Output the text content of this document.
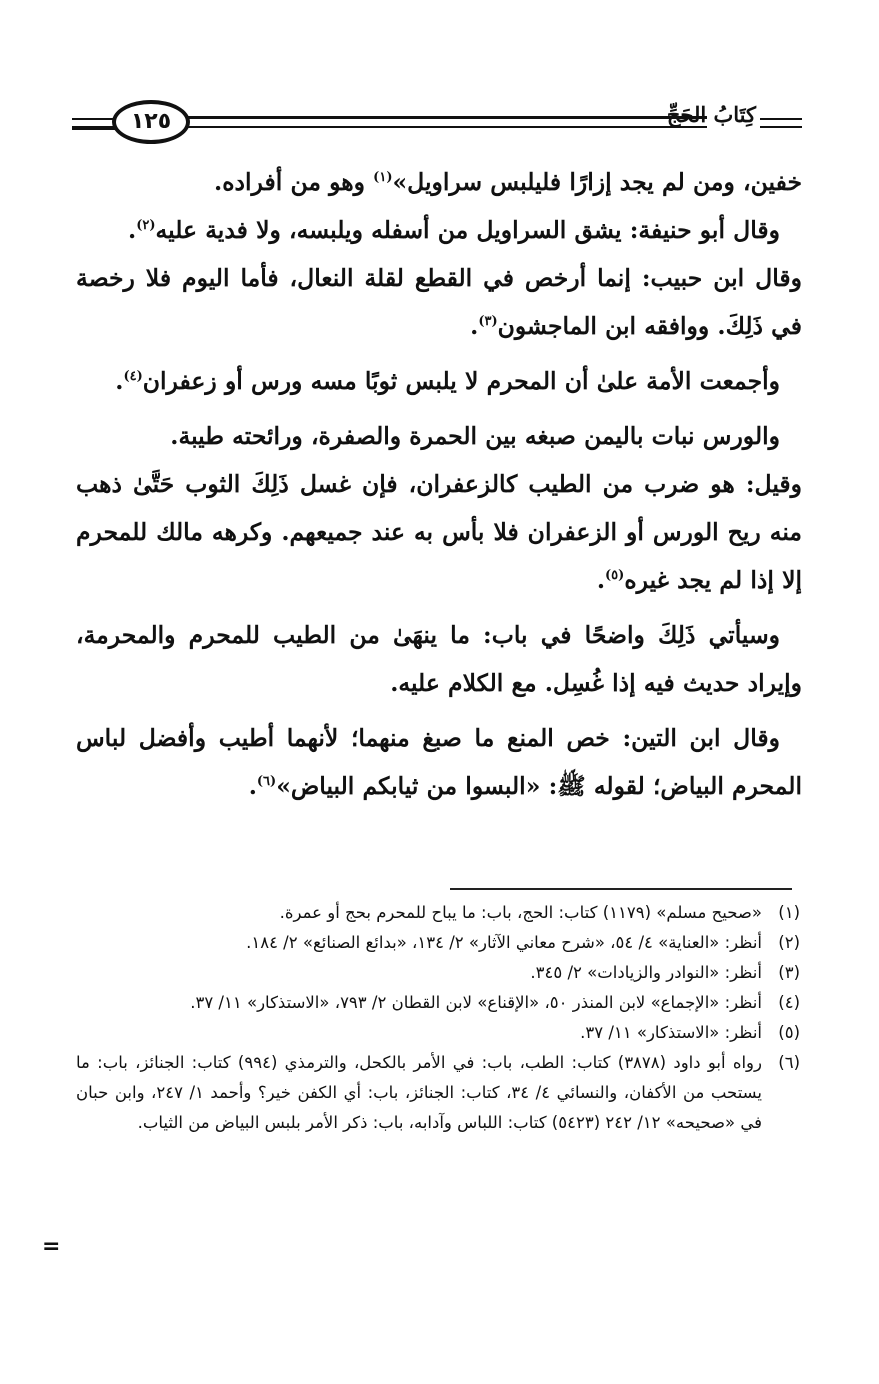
١٢٥	كِتَابُ الحَجِّ

خفين، ومن لم يجد إزارًا فليلبس سراويل»$^{(١)}$ وهو من أفراده.

وقال أبو حنيفة: يشق السراويل من أسفله ويلبسه، ولا فدية عليه$^{(٢)}$.

وقال ابن حبيب: إنما أرخص في القطع لقلة النعال، فأما اليوم فلا رخصة في ذَلِكَ. ووافقه ابن الماجشون$^{(٣)}$.

وأجمعت الأمة علىٰ أن المحرم لا يلبس ثوبًا مسه ورس أو زعفران$^{(٤)}$.

والورس نبات باليمن صبغه بين الحمرة والصفرة، ورائحته طيبة.

وقيل: هو ضرب من الطيب كالزعفران، فإن غسل ذَلِكَ الثوب حَتَّىٰ ذهب منه ريح الورس أو الزعفران فلا بأس به عند جميعهم. وكرهه مالك للمحرم إلا إذا لم يجد غيره$^{(٥)}$.

وسيأتي ذَلِكَ واضحًا في باب: ما ينهَىٰ من الطيب للمحرم والمحرمة، وإيراد حديث فيه إذا غُسِل. مع الكلام عليه.

وقال ابن التين: خص المنع ما صبغ منهما؛ لأنهما أطيب وأفضل لباس المحرم البياض؛ لقوله ﷺ: «البسوا من ثيابكم البياض»$^{(٦)}$.

(١)
«صحيح مسلم» (١١٧٩) كتاب: الحج، باب: ما يباح للمحرم بحج أو عمرة.
(٢)
أنظر: «العناية» ٤/ ٥٤، «شرح معاني الآثار» ٢/ ١٣٤، «بدائع الصنائع» ٢/ ١٨٤.
(٣)
أنظر: «النوادر والزيادات» ٢/ ٣٤٥.
(٤)
أنظر: «الإجماع» لابن المنذر ٥٠، «الإقناع» لابن القطان ٢/ ٧٩٣، «الاستذكار» ١١/ ٣٧.
(٥)
أنظر: «الاستذكار» ١١/ ٣٧.
(٦)
رواه أبو داود (٣٨٧٨) كتاب: الطب، باب: في الأمر بالكحل، والترمذي (٩٩٤) كتاب: الجنائز، باب: ما يستحب من الأكفان، والنسائي ٤/ ٣٤، كتاب: الجنائز، باب: أي الكفن خير؟ وأحمد ١/ ٢٤٧، وابن حبان في «صحيحه» ١٢/ ٢٤٢ (٥٤٢٣) كتاب: اللباس وآدابه، باب: ذكر الأمر بلبس البياض من الثياب.
=
